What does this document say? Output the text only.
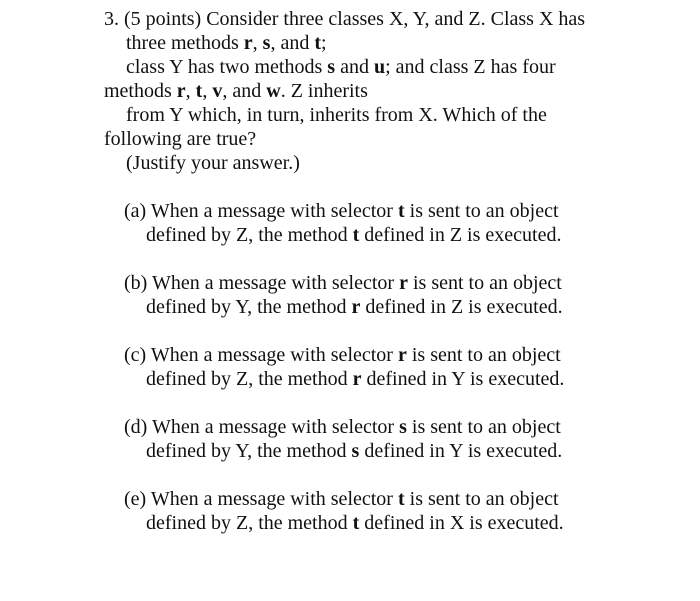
3. (5 points) Consider three classes X, Y, and Z. Class X has
three methods r, s, and t;
class Y has two methods s and u; and class Z has four
methods r, t, v, and w. Z inherits
from Y which, in turn, inherits from X. Which of the
following are true?
(Justify your answer.)
(a) When a message with selector t is sent to an object
defined by Z, the method t defined in Z is executed.
(b) When a message with selector r is sent to an object
defined by Y, the method r defined in Z is executed.
(c) When a message with selector r is sent to an object
defined by Z, the method r defined in Y is executed.
(d) When a message with selector s is sent to an object
defined by Y, the method s defined in Y is executed.
(e) When a message with selector t is sent to an object
defined by Z, the method t defined in X is executed.
